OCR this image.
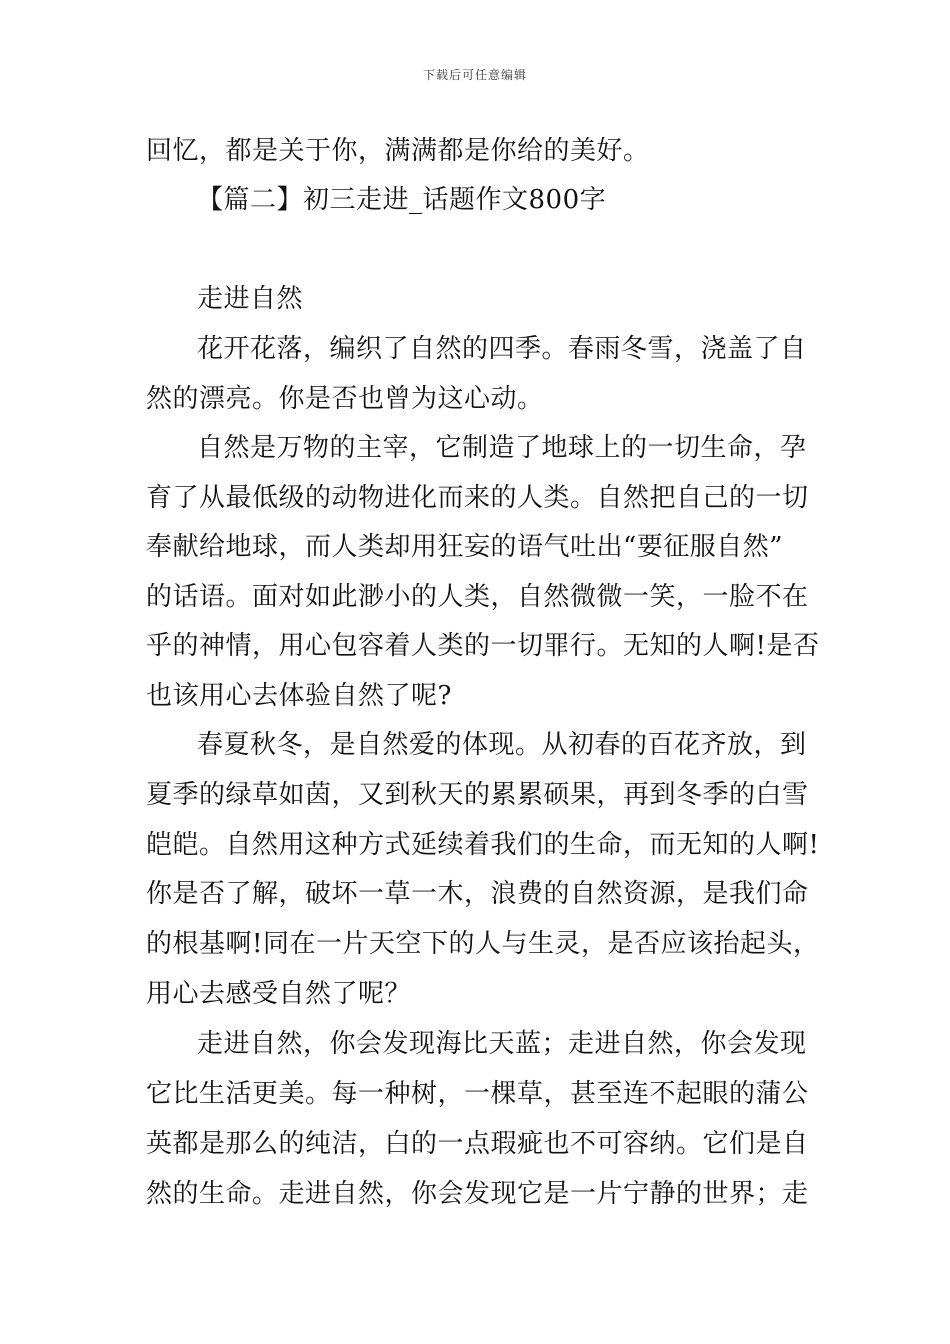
下载后可任意编辑
回忆，都是关于你，满满都是你给的美好。
【篇二】初三走进_话题作文800字
走进自然
花开花落，编织了自然的四季。春雨冬雪，浇盖了自
然的漂亮。你是否也曾为这心动。
自然是万物的主宰，它制造了地球上的一切生命，孕
育了从最低级的动物进化而来的人类。自然把自己的一切
奉献给地球，而人类却用狂妄的语气吐出“要征服自然”
的话语。面对如此渺小的人类，自然微微一笑，一脸不在
乎的神情，用心包容着人类的一切罪行。无知的人啊!是否
也该用心去体验自然了呢?
春夏秋冬，是自然爱的体现。从初春的百花齐放，到
夏季的绿草如茵，又到秋天的累累硕果，再到冬季的白雪
皑皑。自然用这种方式延续着我们的生命，而无知的人啊!
你是否了解，破坏一草一木，浪费的自然资源，是我们命
的根基啊!同在一片天空下的人与生灵，是否应该抬起头，
用心去感受自然了呢？
走进自然，你会发现海比天蓝；走进自然，你会发现
它比生活更美。每一种树，一棵草，甚至连不起眼的蒲公
英都是那么的纯洁，白的一点瑕疵也不可容纳。它们是自
然的生命。走进自然，你会发现它是一片宁静的世界；走
